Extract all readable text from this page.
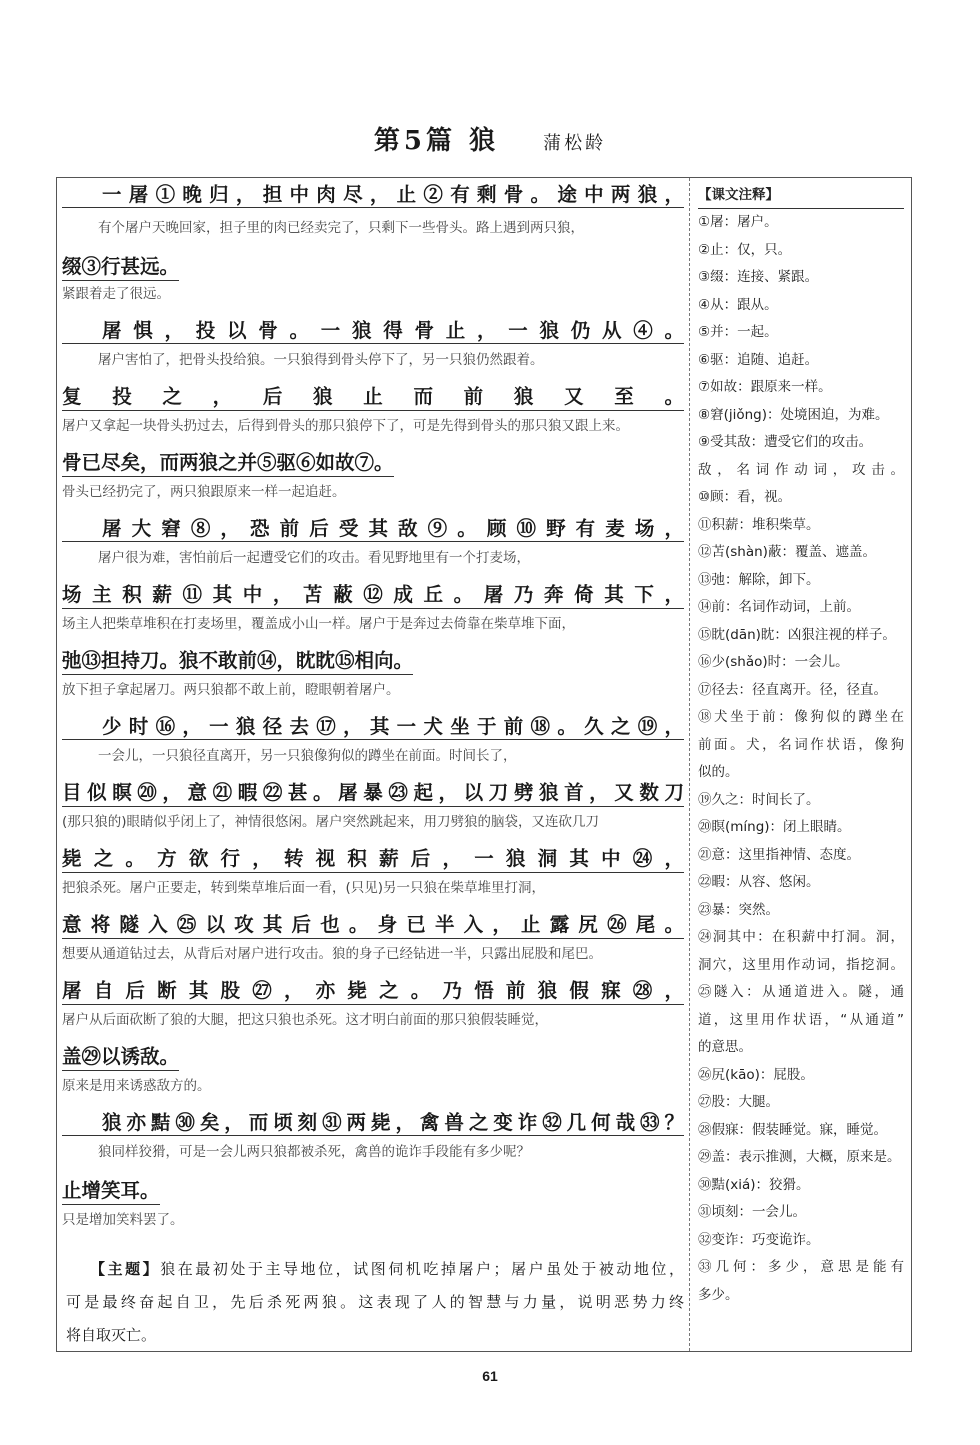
第5篇 狼 蒲松龄
一屠①晚归，担中肉尽，止②有剩骨。途中两狼，
有个屠户天晚回家，担子里的肉已经卖完了，只剩下一些骨头。路上遇到两只狼，
缀③行甚远。
紧跟着走了很远。
屠惧，投以骨。一狼得骨止，一狼仍从④。
屠户害怕了，把骨头投给狼。一只狼得到骨头停下了，另一只狼仍然跟着。
复投之，后狼止而前狼又至。
屠户又拿起一块骨头扔过去，后得到骨头的那只狼停下了，可是先得到骨头的那只狼又跟上来。
骨已尽矣，而两狼之并⑤驱⑥如故⑦。
骨头已经扔完了，两只狼跟原来一样一起追赶。
屠大窘⑧，恐前后受其敌⑨。顾⑩野有麦场，
屠户很为难，害怕前后一起遭受它们的攻击。看见野地里有一个打麦场，
场主积薪⑪其中，苫蔽⑫成丘。屠乃奔倚其下，
场主人把柴草堆积在打麦场里，覆盖成小山一样。屠户于是奔过去倚靠在柴草堆下面，
弛⑬担持刀。狼不敢前⑭，眈眈⑮相向。
放下担子拿起屠刀。两只狼都不敢上前，瞪眼朝着屠户。
少时⑯，一狼径去⑰，其一犬坐于前⑱。久之⑲，
一会儿，一只狼径直离开，另一只狼像狗似的蹲坐在前面。时间长了，
目似瞑⑳，意㉑暇㉒甚。屠暴㉓起，以刀劈狼首，又数刀
(那只狼的)眼睛似乎闭上了，神情很悠闲。屠户突然跳起来，用刀劈狼的脑袋，又连砍几刀
毙之。方欲行，转视积薪后，一狼洞其中㉔，
把狼杀死。屠户正要走，转到柴草堆后面一看，(只见)另一只狼在柴草堆里打洞，
意将隧入㉕以攻其后也。身已半入，止露尻㉖尾。
想要从通道钻过去，从背后对屠户进行攻击。狼的身子已经钻进一半，只露出屁股和尾巴。
屠自后断其股㉗，亦毙之。乃悟前狼假寐㉘，
屠户从后面砍断了狼的大腿，把这只狼也杀死。这才明白前面的那只狼假装睡觉，
盖㉙以诱敌。
原来是用来诱惑敌方的。
狼亦黠㉚矣，而顷刻㉛两毙，禽兽之变诈㉜几何哉㉝？
狼同样狡猾，可是一会儿两只狼都被杀死，禽兽的诡诈手段能有多少呢？
止增笑耳。
只是增加笑料罢了。
【主题】狼在最初处于主导地位，试图伺机吃掉屠户；屠户虽处于被动地位，
可是最终奋起自卫，先后杀死两狼。这表现了人的智慧与力量，说明恶势力终
将自取灭亡。
【课文注释】
①屠：屠户。
②止：仅，只。
③缀：连接、紧跟。
④从：跟从。
⑤并：一起。
⑥驱：追随、追赶。
⑦如故：跟原来一样。
⑧窘(jiǒng)：处境困迫，为难。
⑨受其敌：遭受它们的攻击。
敌，名词作动词，攻击。
⑩顾：看，视。
⑪积薪：堆积柴草。
⑫苫(shàn)蔽：覆盖、遮盖。
⑬弛：解除，卸下。
⑭前：名词作动词，上前。
⑮眈(dān)眈：凶狠注视的样子。
⑯少(shǎo)时：一会儿。
⑰径去：径直离开。径，径直。
⑱犬坐于前：像狗似的蹲坐在
前面。犬，名词作状语，像狗
似的。
⑲久之：时间长了。
⑳瞑(míng)：闭上眼睛。
㉑意：这里指神情、态度。
㉒暇：从容、悠闲。
㉓暴：突然。
㉔洞其中：在积薪中打洞。洞，
洞穴，这里用作动词，指挖洞。
㉕隧入：从通道进入。隧，通
道，这里用作状语，“从通道”
的意思。
㉖尻(kāo)：屁股。
㉗股：大腿。
㉘假寐：假装睡觉。寐，睡觉。
㉙盖：表示推测，大概，原来是。
㉚黠(xiá)：狡猾。
㉛顷刻：一会儿。
㉜变诈：巧变诡诈。
㉝几何：多少，意思是能有
多少。
61
